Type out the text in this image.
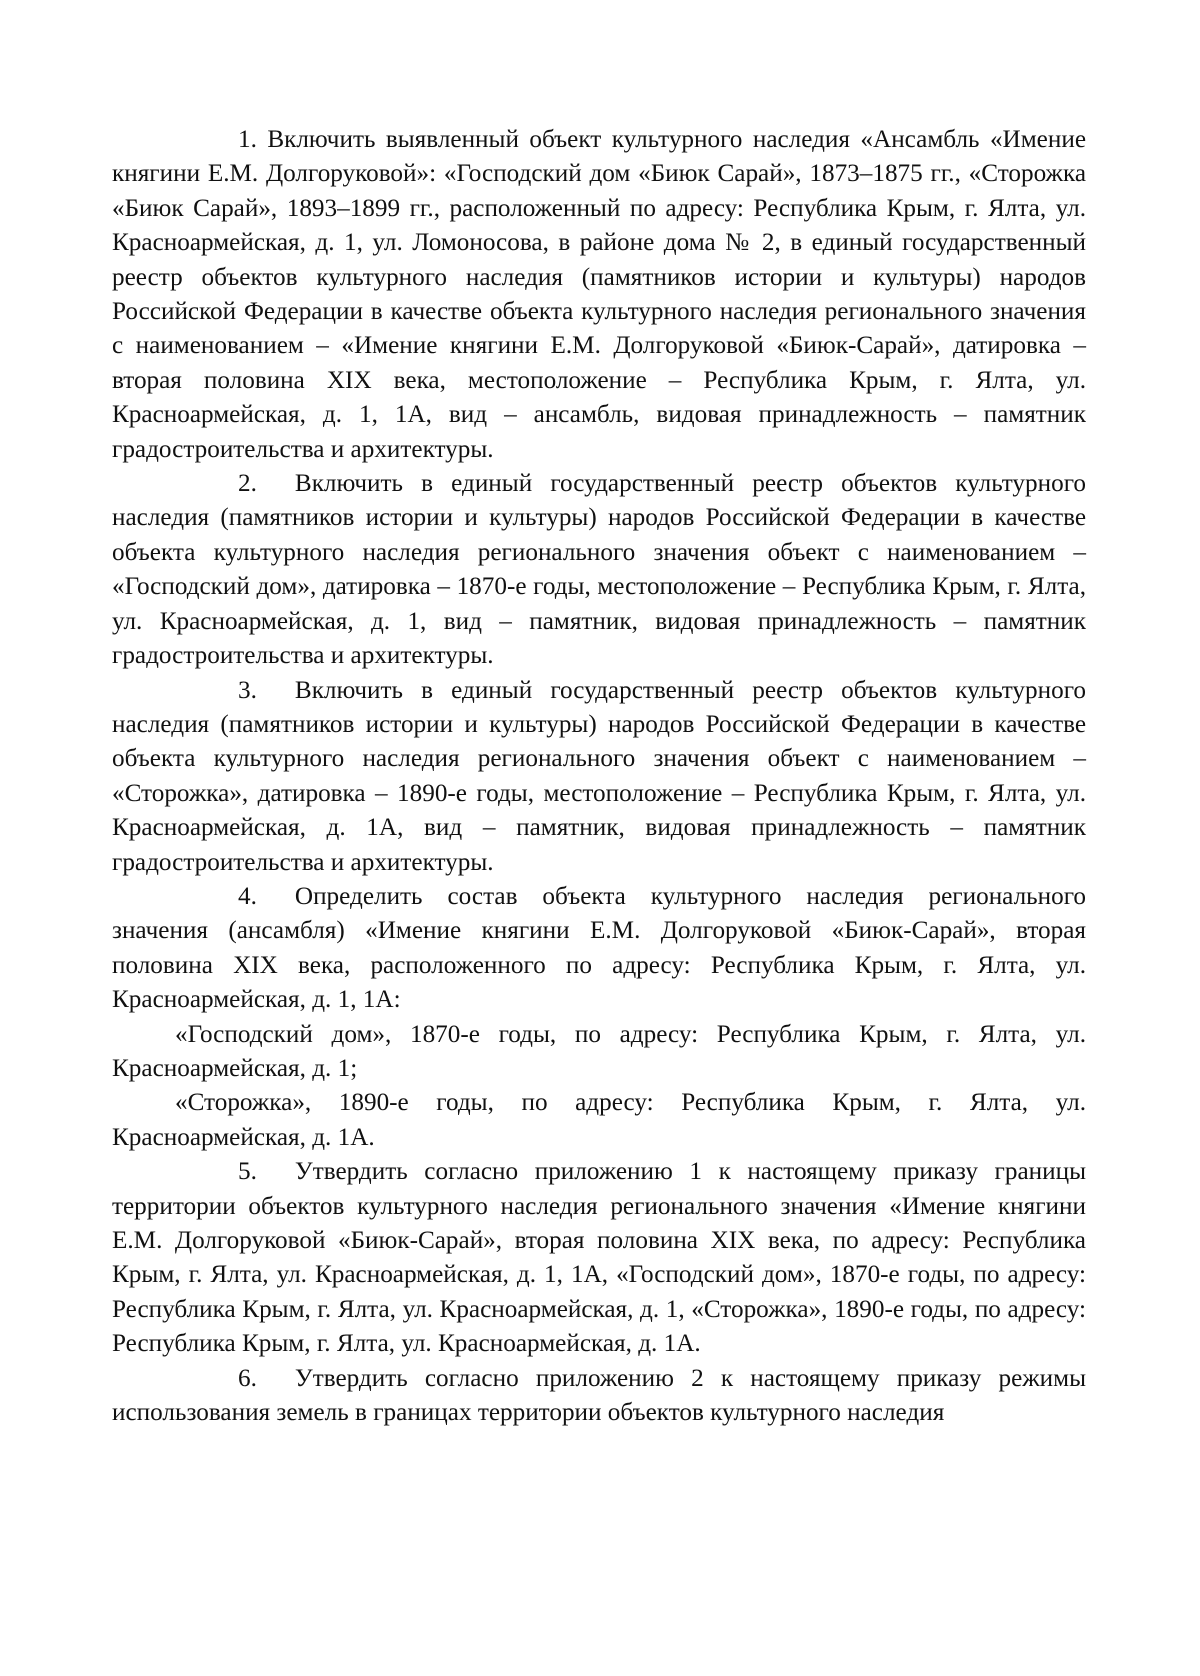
1. Включить выявленный объект культурного наследия «Ансамбль «Имение княгини Е.М. Долгоруковой»: «Господский дом «Биюк Сарай», 1873–1875 гг., «Сторожка «Биюк Сарай», 1893–1899 гг., расположенный по адресу: Республика Крым, г. Ялта, ул. Красноармейская, д. 1, ул. Ломоносова, в районе дома № 2, в единый государственный реестр объектов культурного наследия (памятников истории и культуры) народов Российской Федерации в качестве объекта культурного наследия регионального значения с наименованием – «Имение княгини Е.М. Долгоруковой «Биюк-Сарай», датировка – вторая половина XIX века, местоположение – Республика Крым, г. Ялта, ул. Красноармейская, д. 1, 1А, вид – ансамбль, видовая принадлежность – памятник градостроительства и архитектуры.

2. Включить в единый государственный реестр объектов культурного наследия (памятников истории и культуры) народов Российской Федерации в качестве объекта культурного наследия регионального значения объект с наименованием – «Господский дом», датировка – 1870-е годы, местоположение – Республика Крым, г. Ялта, ул. Красноармейская, д. 1, вид – памятник, видовая принадлежность – памятник градостроительства и архитектуры.

3. Включить в единый государственный реестр объектов культурного наследия (памятников истории и культуры) народов Российской Федерации в качестве объекта культурного наследия регионального значения объект с наименованием – «Сторожка», датировка – 1890-е годы, местоположение – Республика Крым, г. Ялта, ул. Красноармейская, д. 1А, вид – памятник, видовая принадлежность – памятник градостроительства и архитектуры.

4. Определить состав объекта культурного наследия регионального значения (ансамбля) «Имение княгини Е.М. Долгоруковой «Биюк-Сарай», вторая половина XIX века, расположенного по адресу: Республика Крым, г. Ялта, ул. Красноармейская, д. 1, 1А:

«Господский дом», 1870-е годы, по адресу: Республика Крым, г. Ялта, ул. Красноармейская, д. 1;

«Сторожка», 1890-е годы, по адресу: Республика Крым, г. Ялта, ул. Красноармейская, д. 1А.

5. Утвердить согласно приложению 1 к настоящему приказу границы территории объектов культурного наследия регионального значения «Имение княгини Е.М. Долгоруковой «Биюк-Сарай», вторая половина XIX века, по адресу: Республика Крым, г. Ялта, ул. Красноармейская, д. 1, 1А, «Господский дом», 1870-е годы, по адресу: Республика Крым, г. Ялта, ул. Красноармейская, д. 1, «Сторожка», 1890-е годы, по адресу: Республика Крым, г. Ялта, ул. Красноармейская, д. 1А.

6. Утвердить согласно приложению 2 к настоящему приказу режимы использования земель в границах территории объектов культурного наследия
